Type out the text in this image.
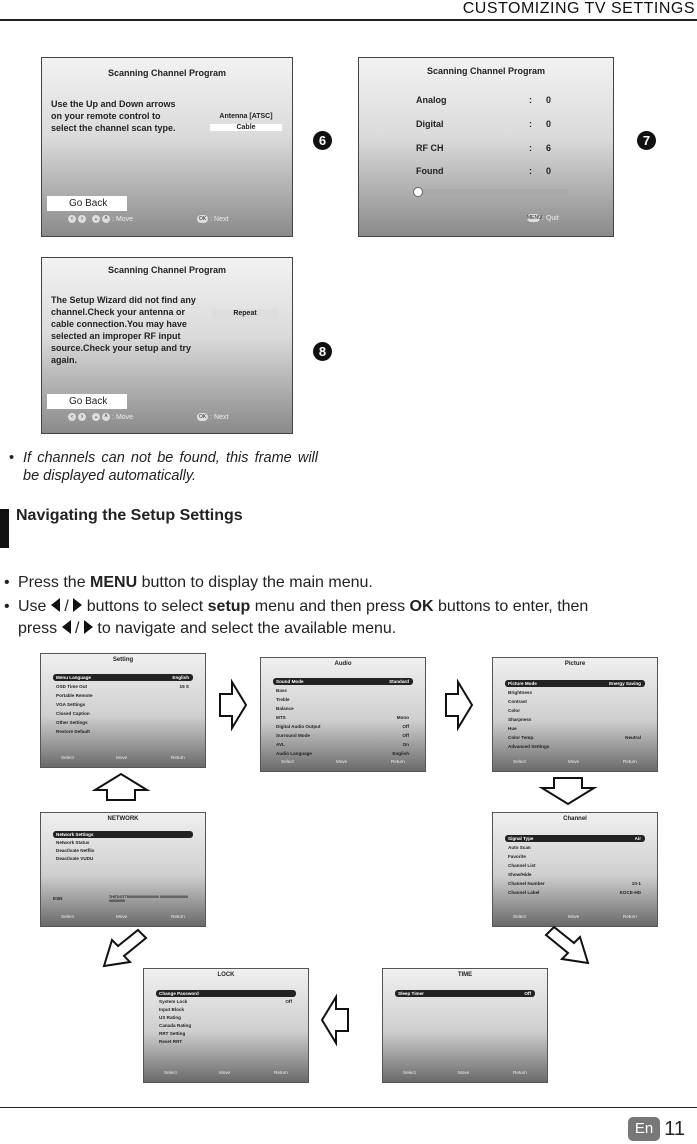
CUSTOMIZING TV SETTINGS
En 11
Scanning Channel Program
Use the Up and Down arrows
on your remote control to
select the channel scan type.
Antenna [ATSC]
Cable
Go Back
‹	›	⌄ ˄ : Move	OK : Next
6
Scanning Channel Program
Analog	: 0
Digital	: 0
RF CH	: 6
Found	: 0
MENU : Quit
7
Scanning Channel Program
The Setup Wizard did not find any
channel.Check your antenna or
cable connection.You may have
selected an improper RF input
source.Check your setup and try
again.
Repeat
Go Back
‹	›	⌄ ˄ : Move	OK : Next
8
• If channels can not be found, this frame will be displayed automatically.
Navigating the Setup Settings
• Press the MENU button to display the main menu.
• Use  /  buttons to select setup menu and then press OK buttons to enter, then
press  /  to navigate and select the available menu.
Setting
Menu Language	English
OSD Time Out	15 S
Portable Remote
VGA Settings
Closed Caption
Other Settings
Restore Default
Select	Move	Return
Audio
Sound Mode	Standard
Bass
Treble
Balance
MTS	Mono
Digital Audio Output	Off
Surround Mode	Off
AVL	On
Audio Language	English
Select	Move	Return
Picture
Picture Mode	Energy Saving
Brightness
Contrast
Color
Sharpness
Hue
Color Temp.	Neutral
Advanced Settings
Select	Move	Return
NETWORK
Network Settings
Network Status
Deactivate Netflix
Deactivate VUDU
Select	Move	Return
ESN	THITOOTT0000000000000000 0000000000000000000000
Channel
Signal Type	Air
Auto Scan
Favorite
Channel List
Show/Hide
Channel Number	10-1
Channel Label	KOCE-HD
Select	Move	Return
LOCK
Change Password
System Lock	Off
Input Block
US Rating
Canada Rating
RRT Setting
Reset RRT
Select	Move	Return
TIME
Sleep Timer	Off
Select	Move	Return
